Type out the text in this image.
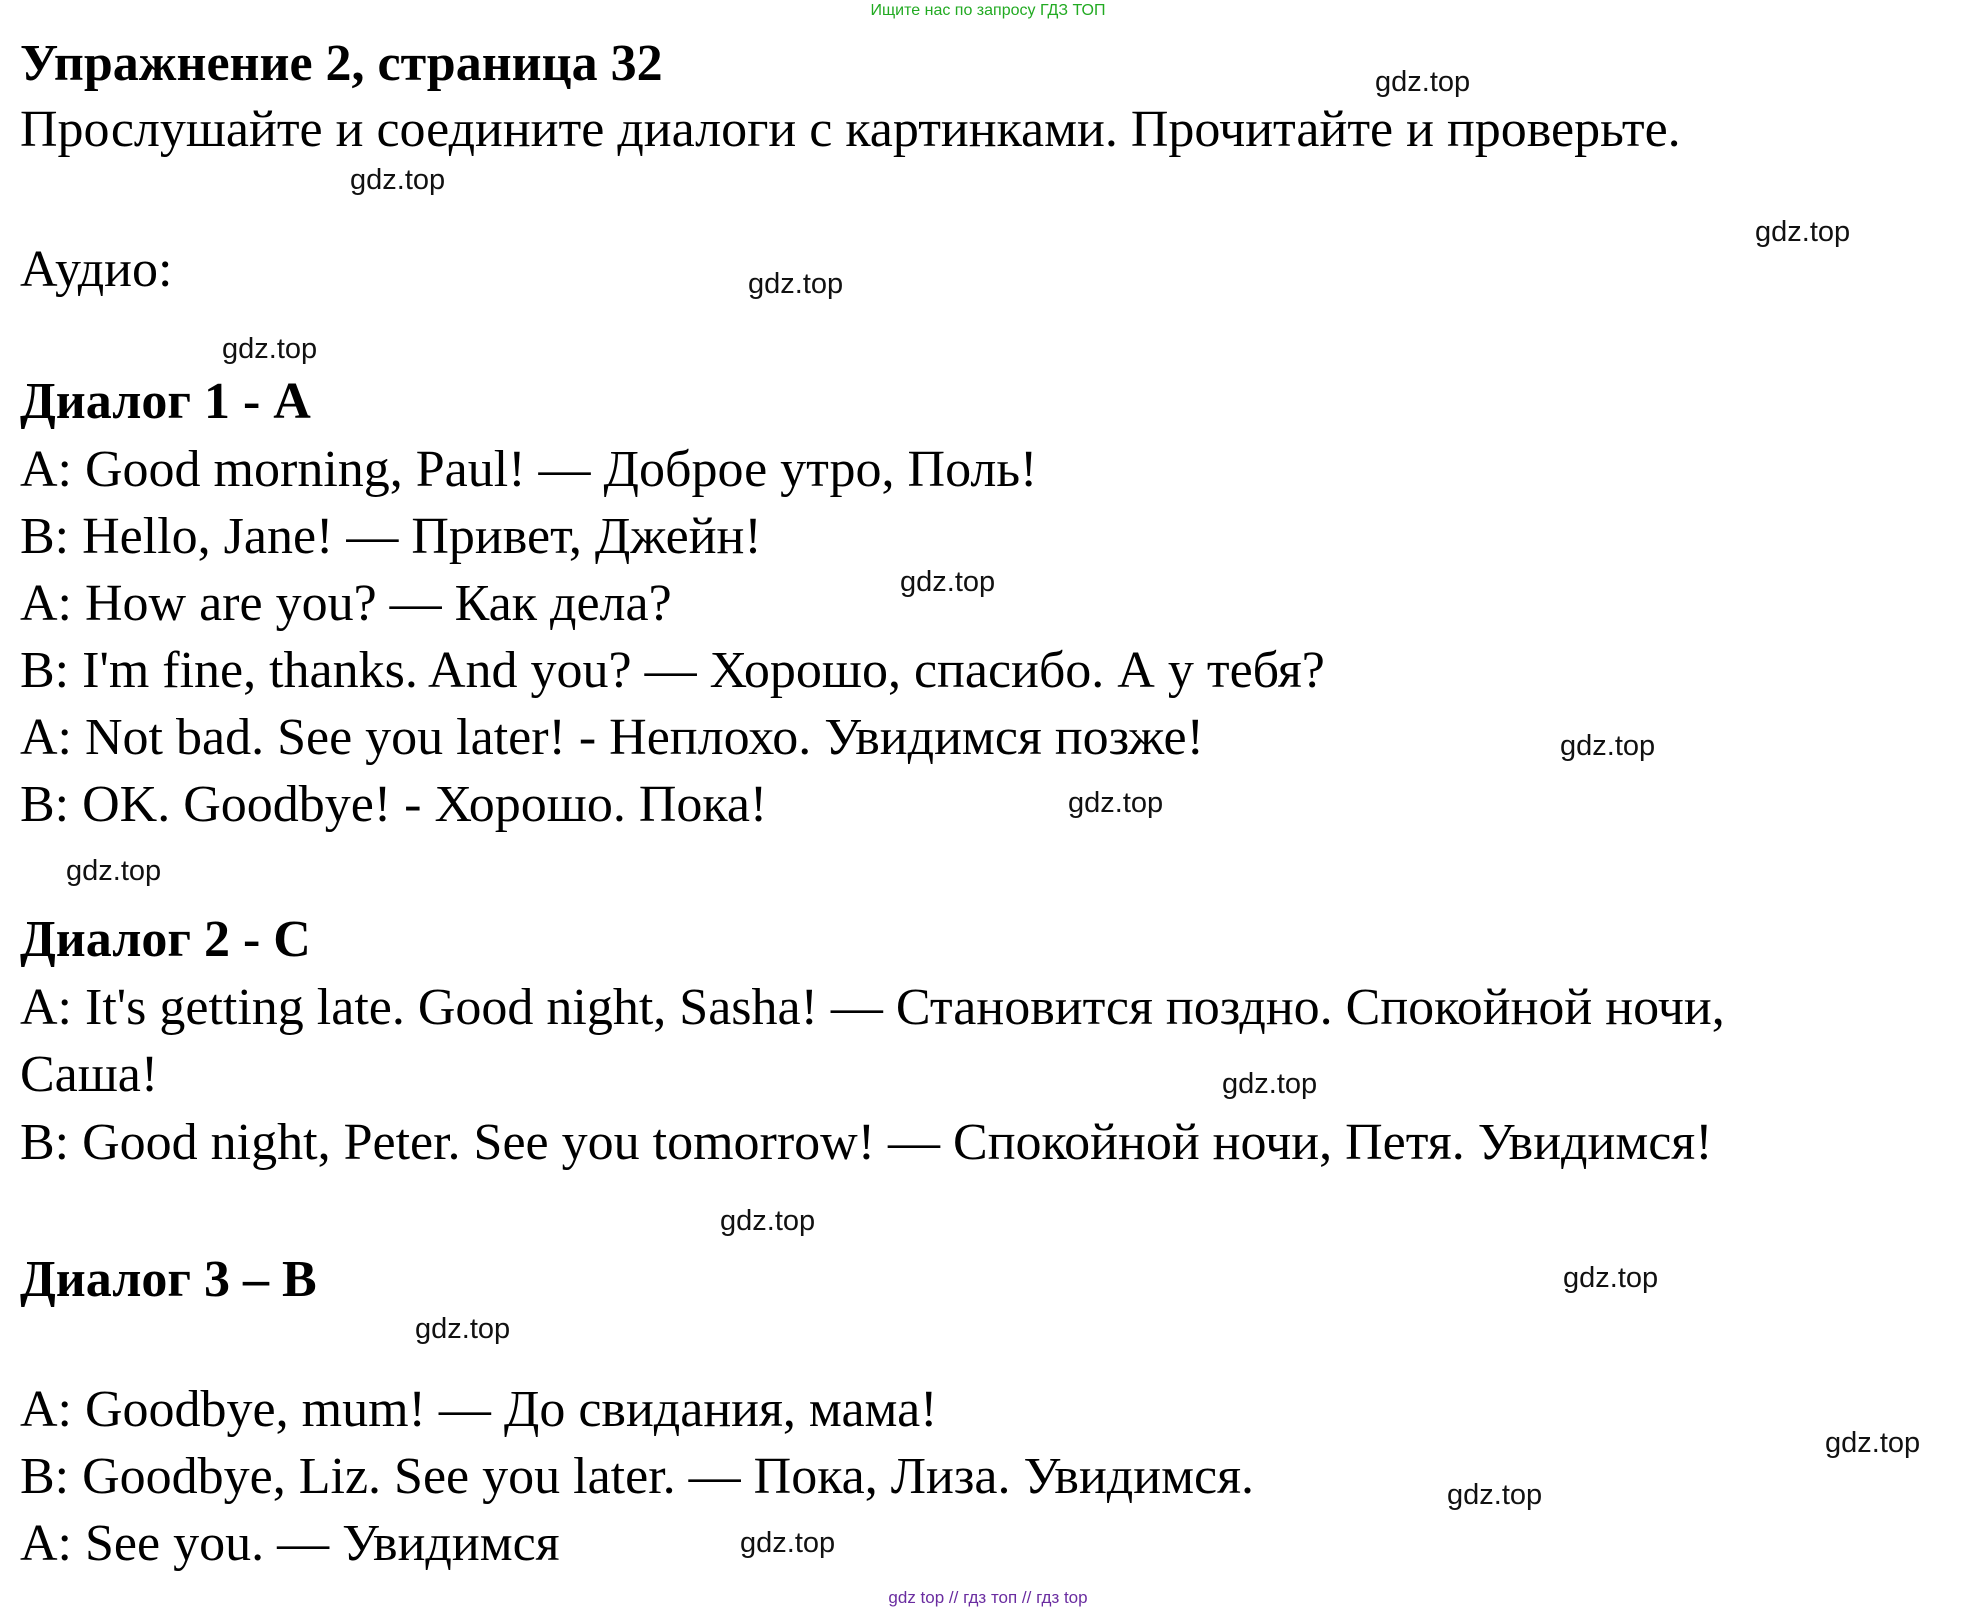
Ищите нас по запросу ГДЗ ТОП
Упражнение 2, страница 32
Прослушайте и соедините диалоги с картинками. Прочитайте и проверьте.
Аудио:
Диалог 1 - A
A: Good morning, Paul! — Доброе утро, Поль!
B: Hello, Jane! — Привет, Джейн!
A: How are you? — Как дела?
B: I'm fine, thanks. And you? — Хорошо, спасибо. А у тебя?
A: Not bad. See you later! - Неплохо. Увидимся позже!
B: OK. Goodbye! - Хорошо. Пока!
Диалог 2 - C
A: It's getting late. Good night, Sasha! — Становится поздно. Спокойной ночи,
Саша!
B: Good night, Peter. See you tomorrow! — Спокойной ночи, Петя. Увидимся!
Диалог 3 – B
A: Goodbye, mum! — До свидания, мама!
B: Goodbye, Liz. See you later. — Пока, Лиза. Увидимся.
A: See you. — Увидимся
gdz.top
gdz.top
gdz.top
gdz.top
gdz.top
gdz.top
gdz.top
gdz.top
gdz.top
gdz.top
gdz.top
gdz.top
gdz.top
gdz.top
gdz.top
gdz.top
gdz top // гдз топ // гдз top
